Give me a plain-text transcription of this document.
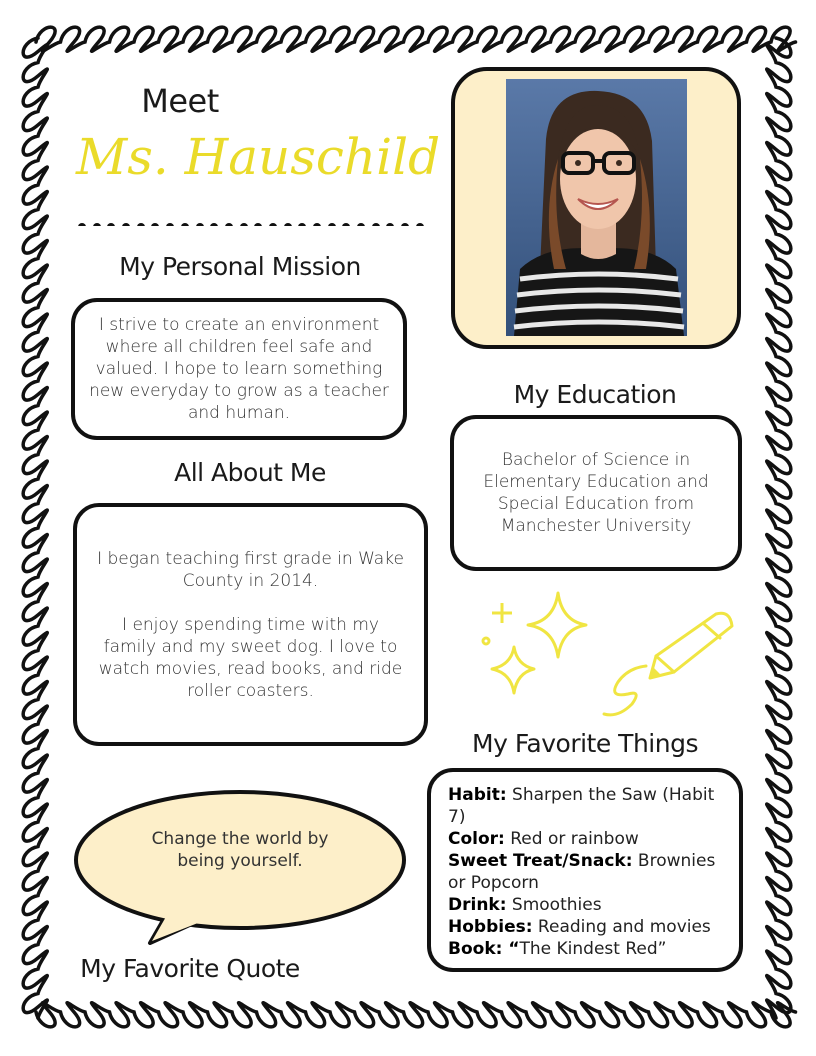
Meet
Ms. Hauschild
My Personal Mission

I strive to create an environment where all children feel safe and valued. I hope to learn something new everyday to grow as a teacher and human.

All About Me

I began teaching first grade in Wake County in 2014.

I enjoy spending time with my family and my sweet dog. I love to watch movies, read books, and ride roller coasters.

Change the world by being yourself.
My Favorite Quote
My Education

Bachelor of Science in Elementary Education and Special Education from Manchester University

My Favorite Things

Habit: Sharpen the Saw (Habit 7)

Color: Red or rainbow

Sweet Treat/Snack: Brownies or Popcorn

Drink: Smoothies

Hobbies: Reading and movies

Book: “The Kindest Red”
